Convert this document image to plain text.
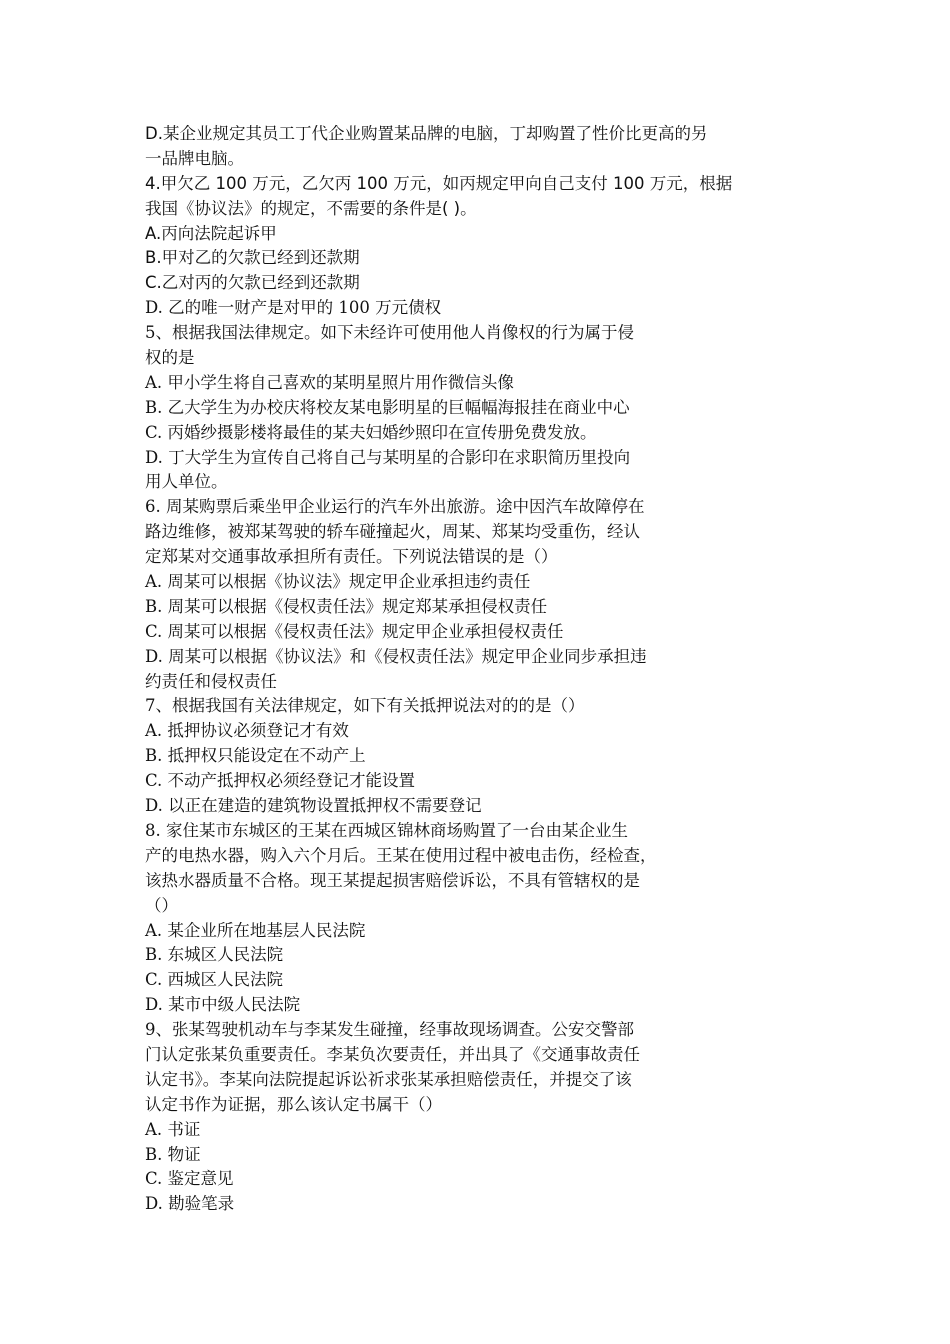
D.某企业规定其员工丁代企业购置某品牌的电脑，丁却购置了性价比更高的另
一品牌电脑。
4.甲欠乙 100 万元，乙欠丙 100 万元，如丙规定甲向自己支付 100 万元，根据
我国《协议法》的规定，不需要的条件是( )。
A.丙向法院起诉甲
B.甲对乙的欠款已经到还款期
C.乙对丙的欠款已经到还款期
D. 乙的唯一财产是对甲的 100 万元债权
5、根据我国法律规定。如下未经许可使用他人肖像权的行为属于侵
权的是
A. 甲小学生将自己喜欢的某明星照片用作微信头像
B. 乙大学生为办校庆将校友某电影明星的巨幅幅海报挂在商业中心
C. 丙婚纱摄影楼将最佳的某夫妇婚纱照印在宣传册免费发放。
D. 丁大学生为宣传自己将自己与某明星的合影印在求职简历里投向
用人单位。
6. 周某购票后乘坐甲企业运行的汽车外出旅游。途中因汽车故障停在
路边维修，被郑某驾驶的轿车碰撞起火，周某、郑某均受重伤，经认
定郑某对交通事故承担所有责任。下列说法错误的是（）
A. 周某可以根据《协议法》规定甲企业承担违约责任
B. 周某可以根据《侵权责任法》规定郑某承担侵权责任
C. 周某可以根据《侵权责任法》规定甲企业承担侵权责任
D. 周某可以根据《协议法》和《侵权责任法》规定甲企业同步承担违
约责任和侵权责任
7、根据我国有关法律规定，如下有关抵押说法对的的是（）
A. 抵押协议必须登记才有效
B. 抵押权只能设定在不动产上
C. 不动产抵押权必须经登记才能设置
D. 以正在建造的建筑物设置抵押权不需要登记
8. 家住某市东城区的王某在西城区锦林商场购置了一台由某企业生
产的电热水器，购入六个月后。王某在使用过程中被电击伤，经检查，
该热水器质量不合格。现王某提起损害赔偿诉讼，不具有管辖权的是
（）
A. 某企业所在地基层人民法院
B. 东城区人民法院
C. 西城区人民法院
D. 某市中级人民法院
9、张某驾驶机动车与李某发生碰撞，经事故现场调查。公安交警部
门认定张某负重要责任。李某负次要责任，并出具了《交通事故责任
认定书》。李某向法院提起诉讼祈求张某承担赔偿责任，并提交了该
认定书作为证据，那么该认定书属干（）
A. 书证
B. 物证
C. 鉴定意见
D. 勘验笔录
